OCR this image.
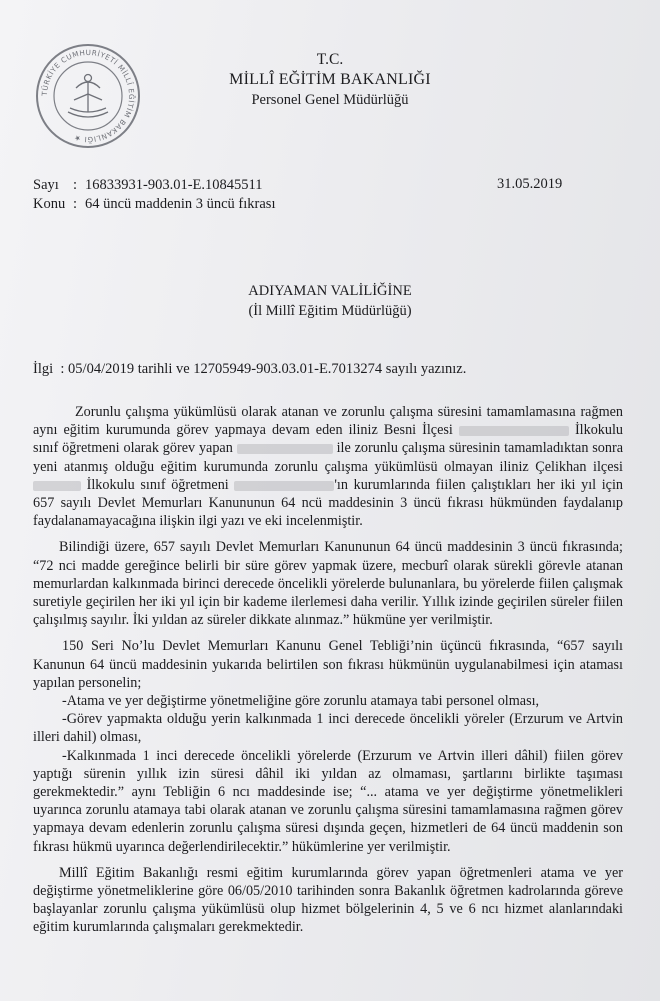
TÜRKİYE CUMHURİYETİ MİLLÎ EĞİTİM BAKANLIĞI ★
T.C.
MİLLÎ EĞİTİM BAKANLIĞI
Personel Genel Müdürlüğü
Sayı : 16833931-903.01-E.10845511
Konu : 64 üncü maddenin 3 üncü fıkrası
31.05.2019
ADIYAMAN VALİLİĞİNE
(İl Millî Eğitim Müdürlüğü)
İlgi  : 05/04/2019 tarihli ve 12705949-903.03.01-E.7013274 sayılı yazınız.

Zorunlu çalışma yükümlüsü olarak atanan ve zorunlu çalışma süresini tamamlamasına rağmen aynı eğitim kurumunda görev yapmaya devam eden iliniz Besni İlçesi	İlkokulu sınıf öğretmeni olarak görev yapan	ile zorunlu çalışma süresinin tamamladıktan sonra yeni atanmış olduğu eğitim kurumunda zorunlu çalışma yükümlüsü olmayan iliniz Çelikhan ilçesi  İlkokulu sınıf öğretmeni	'ın kurumlarında fiilen çalıştıkları her iki yıl için 657 sayılı Devlet Memurları Kanununun 64 ncü maddesinin 3 üncü fıkrası hükmünden faydalanıp faydalanamayacağına ilişkin ilgi yazı ve eki incelenmiştir.

Bilindiği üzere, 657 sayılı Devlet Memurları Kanununun 64 üncü maddesinin 3 üncü fıkrasında; “72 nci madde gereğince belirli bir süre görev yapmak üzere, mecburî olarak sürekli görevle atanan memurlardan kalkınmada birinci derecede öncelikli yörelerde bulunanlara, bu yörelerde fiilen çalışmak suretiyle geçirilen her iki yıl için bir kademe ilerlemesi daha verilir. Yıllık izinde geçirilen süreler fiilen çalışılmış sayılır. İki yıldan az süreler dikkate alınmaz.” hükmüne yer verilmiştir.

150 Seri No’lu Devlet Memurları Kanunu Genel Tebliği’nin üçüncü fıkrasında, “657 sayılı Kanunun 64 üncü maddesinin yukarıda belirtilen son fıkrası hükmünün uygulanabilmesi için ataması yapılan personelin;

-Atama ve yer değiştirme yönetmeliğine göre zorunlu atamaya tabi personel olması,

-Görev yapmakta olduğu yerin kalkınmada 1 inci derecede öncelikli yöreler (Erzurum ve Artvin illeri dahil) olması,

-Kalkınmada 1 inci derecede öncelikli yörelerde (Erzurum ve Artvin illeri dâhil) fiilen görev yaptığı sürenin yıllık izin süresi dâhil iki yıldan az olmaması, şartlarını birlikte taşıması gerekmektedir.” aynı Tebliğin 6 ncı maddesinde ise; “... atama ve yer değiştirme yönetmelikleri uyarınca zorunlu atamaya tabi olarak atanan ve zorunlu çalışma süresini tamamlamasına rağmen görev yapmaya devam edenlerin zorunlu çalışma süresi dışında geçen, hizmetleri de 64 üncü maddenin son fıkrası hükmü uyarınca değerlendirilecektir.” hükümlerine yer verilmiştir.

Millî Eğitim Bakanlığı resmi eğitim kurumlarında görev yapan öğretmenleri atama ve yer değiştirme yönetmeliklerine göre 06/05/2010 tarihinden sonra Bakanlık öğretmen kadrolarında göreve başlayanlar zorunlu çalışma yükümlüsü olup hizmet bölgelerinin 4, 5 ve 6 ncı hizmet alanlarındaki eğitim kurumlarında çalışmaları gerekmektedir.
